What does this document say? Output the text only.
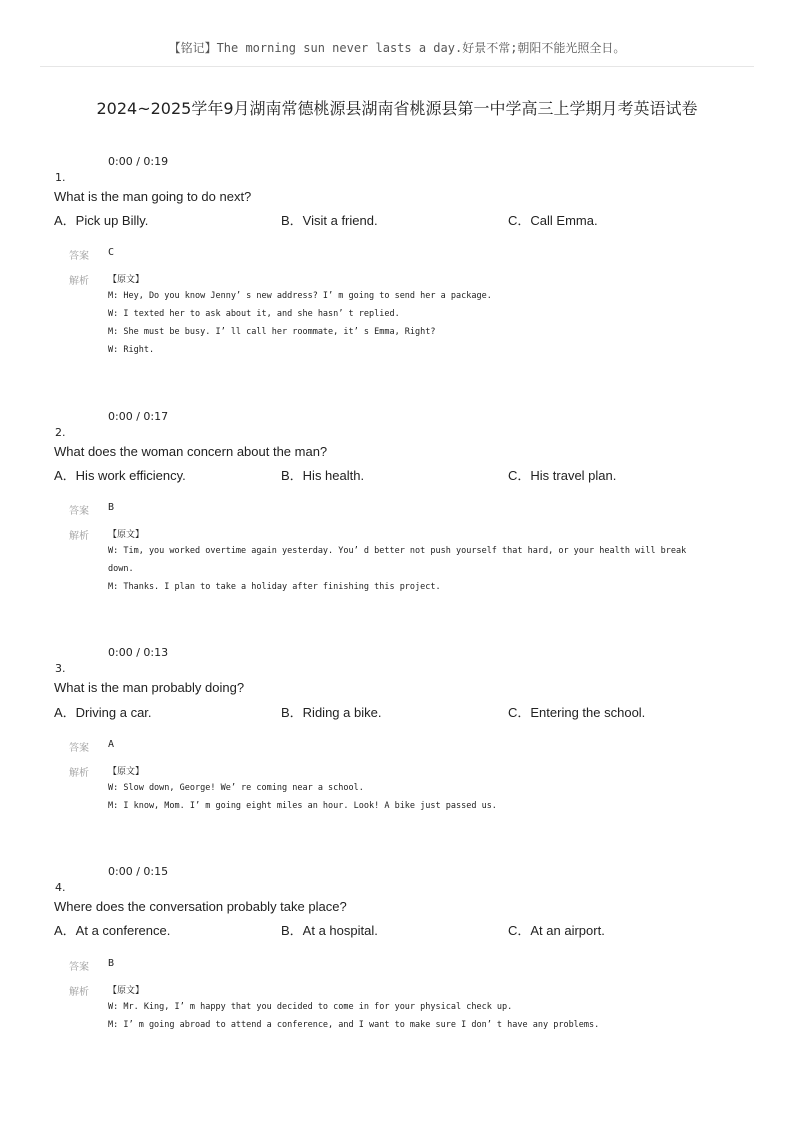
【铭记】The morning sun never lasts a day.好景不常;朝阳不能光照全日。
2024~2025学年9月湖南常德桃源县湖南省桃源县第一中学高三上学期月考英语试卷
0:00 / 0:19
1.
What is the man going to do next?
A．Pick up Billy.	B．Visit a friend.	C．Call Emma.
答案 C
解析 【原文】
M: Hey, Do you know Jenny’ s new address? I’ m going to send her a package.
W: I texted her to ask about it, and she hasn’ t replied.
M: She must be busy. I’ ll call her roommate, it’ s Emma, Right?
W: Right.
0:00 / 0:17
2.
What does the woman concern about the man?
A．His work efficiency.	B．His health.	C．His travel plan.
答案 B
解析 【原文】
W: Tim, you worked overtime again yesterday. You’ d better not push yourself that hard, or your health will break down.
M: Thanks. I plan to take a holiday after finishing this project.
0:00 / 0:13
3.
What is the man probably doing?
A．Driving a car.	B．Riding a bike.	C．Entering the school.
答案 A
解析 【原文】
W: Slow down, George! We’ re coming near a school.
M: I know, Mom. I’ m going eight miles an hour. Look! A bike just passed us.
0:00 / 0:15
4.
Where does the conversation probably take place?
A．At a conference.	B．At a hospital.	C．At an airport.
答案 B
解析 【原文】
W: Mr. King, I’ m happy that you decided to come in for your physical check up.
M: I’ m going abroad to attend a conference, and I want to make sure I don’ t have any problems.
